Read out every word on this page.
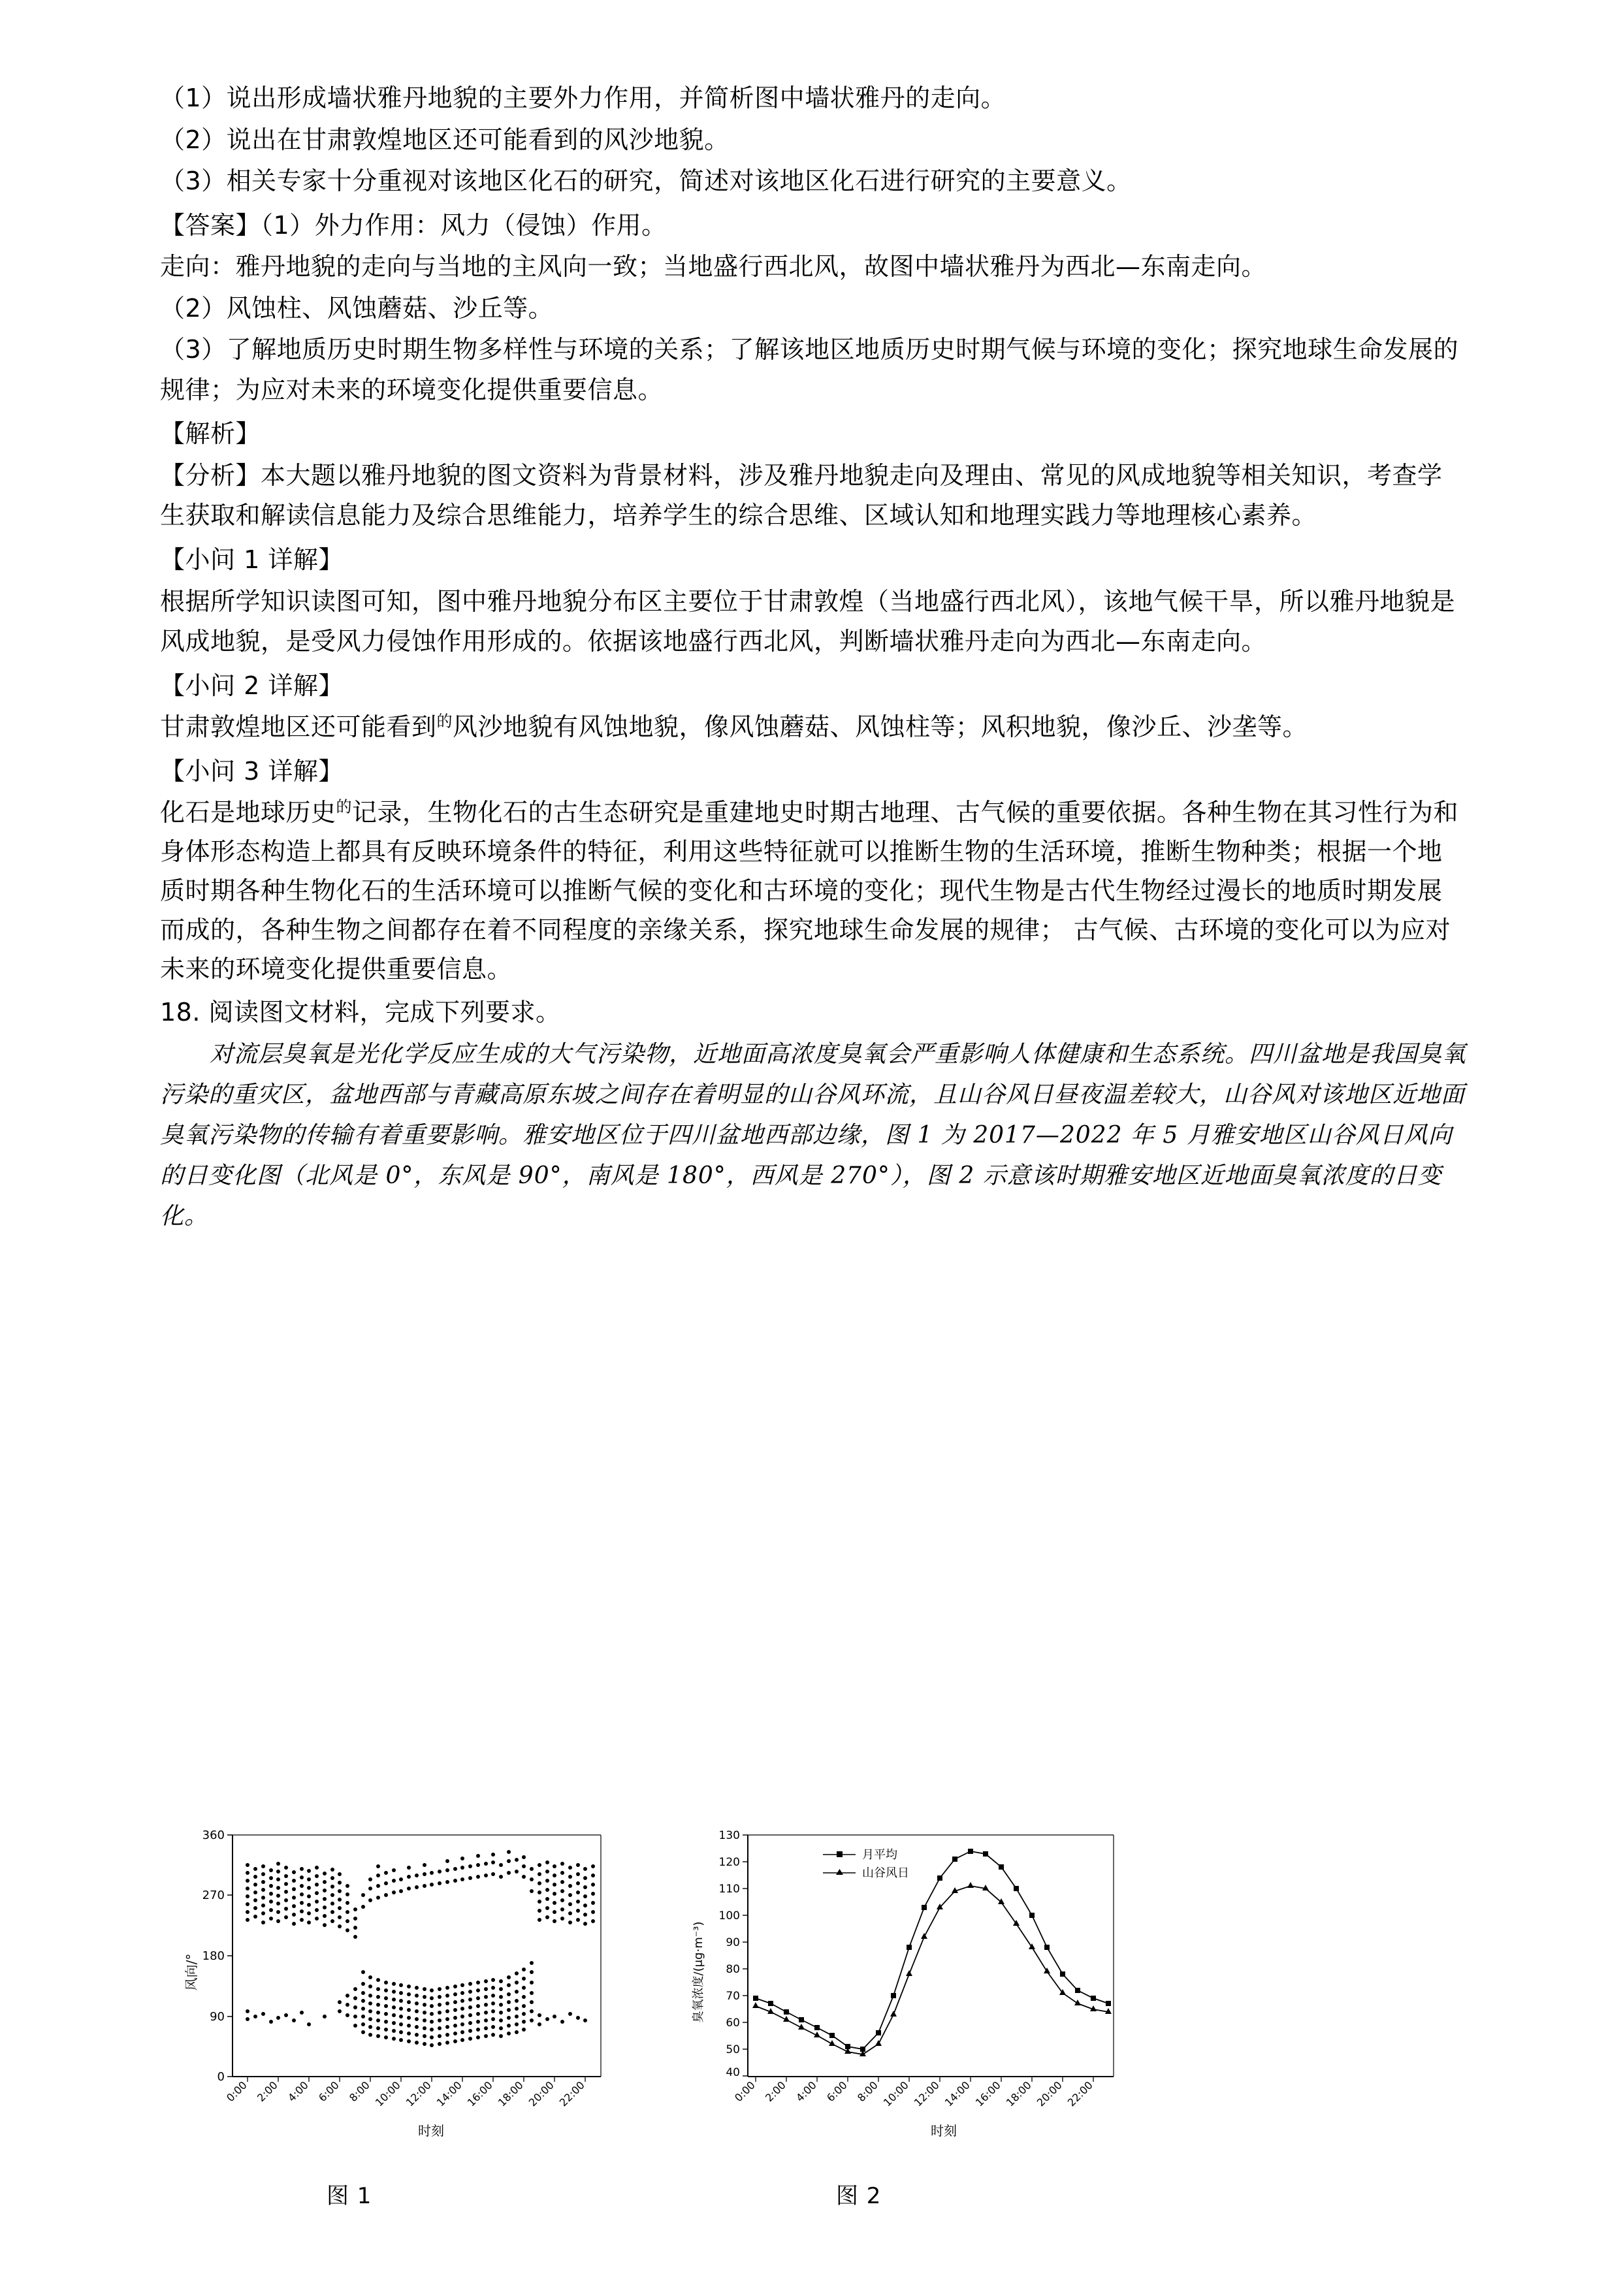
（1）说出形成墙状雅丹地貌的主要外力作用，并简析图中墙状雅丹的走向。
（2）说出在甘肃敦煌地区还可能看到的风沙地貌。
（3）相关专家十分重视对该地区化石的研究，简述对该地区化石进行研究的主要意义。
【答案】（1）外力作用：风力（侵蚀）作用。
走向：雅丹地貌的走向与当地的主风向一致；当地盛行西北风，故图中墙状雅丹为西北—东南走向。
（2）风蚀柱、风蚀蘑菇、沙丘等。
（3）了解地质历史时期生物多样性与环境的关系；了解该地区地质历史时期气候与环境的变化；探究地球生命发展的规律；为应对未来的环境变化提供重要信息。
【解析】
【分析】本大题以雅丹地貌的图文资料为背景材料，涉及雅丹地貌走向及理由、常见的风成地貌等相关知识，考查学生获取和解读信息能力及综合思维能力，培养学生的综合思维、区域认知和地理实践力等地理核心素养。
【小问 1 详解】
根据所学知识读图可知，图中雅丹地貌分布区主要位于甘肃敦煌（当地盛行西北风），该地气候干旱，所以雅丹地貌是风成地貌，是受风力侵蚀作用形成的。依据该地盛行西北风，判断墙状雅丹走向为西北—东南走向。
【小问 2 详解】
甘肃敦煌地区还可能看到$^的$风沙地貌有风蚀地貌，像风蚀蘑菇、风蚀柱等；风积地貌，像沙丘、沙垄等。
【小问 3 详解】
化石是地球历史$^的$记录，生物化石的古生态研究是重建地史时期古地理、古气候的重要依据。各种生物在其习性行为和身体形态构造上都具有反映环境条件的特征，利用这些特征就可以推断生物的生活环境，推断生物种类；根据一个地质时期各种生物化石的生活环境可以推断气候的变化和古环境的变化；现代生物是古代生物经过漫长的地质时期发展而成的，各种生物之间都存在着不同程度的亲缘关系，探究地球生命发展的规律； 古气候、古环境的变化可以为应对未来的环境变化提供重要信息。
18. 阅读图文材料，完成下列要求。
对流层臭氧是光化学反应生成的大气污染物，近地面高浓度臭氧会严重影响人体健康和生态系统。四川盆地是我国臭氧污染的重灾区，盆地西部与青藏高原东坡之间存在着明显的山谷风环流，且山谷风日昼夜温差较大，山谷风对该地区近地面臭氧污染物的传输有着重要影响。雅安地区位于四川盆地西部边缘，图 1 为 2017—2022 年 5 月雅安地区山谷风日风向的日变化图（北风是 0°，东风是 90°，南风是 180°，西风是 270°），图 2 示意该时期雅安地区近地面臭氧浓度的日变化。
风向/°
360
270
180
90
0
0:00 2:00 4:00 6:00 8:00 10:00 12:00 14:00 16:00 18:00 20:00 22:00
时刻
臭氧浓度/(μg·m⁻³)
130
120
110
100
90
80
70
60
50
40
0:00 2:00 4:00 6:00 8:00 10:00 12:00 14:00 16:00 18:00 20:00 22:00
时刻
月平均
山谷风日
图 1	图 2
